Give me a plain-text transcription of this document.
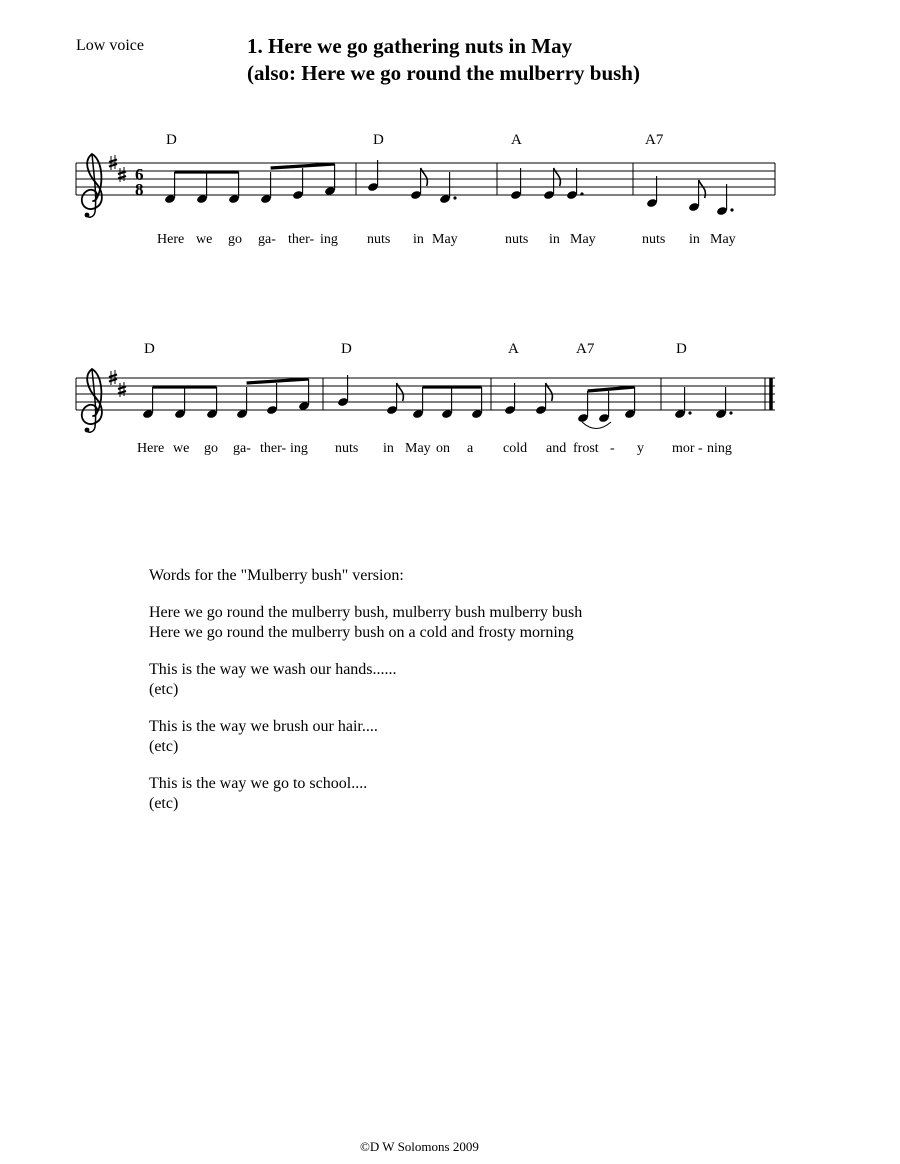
Low voice	1. Here we go gathering nuts in May
(also: Here we go round the mulberry bush)
6
8
D	D	A	A7
D	D	A	A7	D
Here we go ga- ther- ing nuts in May	nuts in May	nuts in May
Here we go ga- ther- ing nuts in May on a cold and frost - y mor - ning
Words for the "Mulberry bush" version:
Here we go round the mulberry bush, mulberry bush mulberry bush
Here we go round the mulberry bush on a cold and frosty morning
This is the way we wash our hands......
(etc)
This is the way we brush our hair....
(etc)
This is the way we go to school....
(etc)
©D W Solomons 2009
